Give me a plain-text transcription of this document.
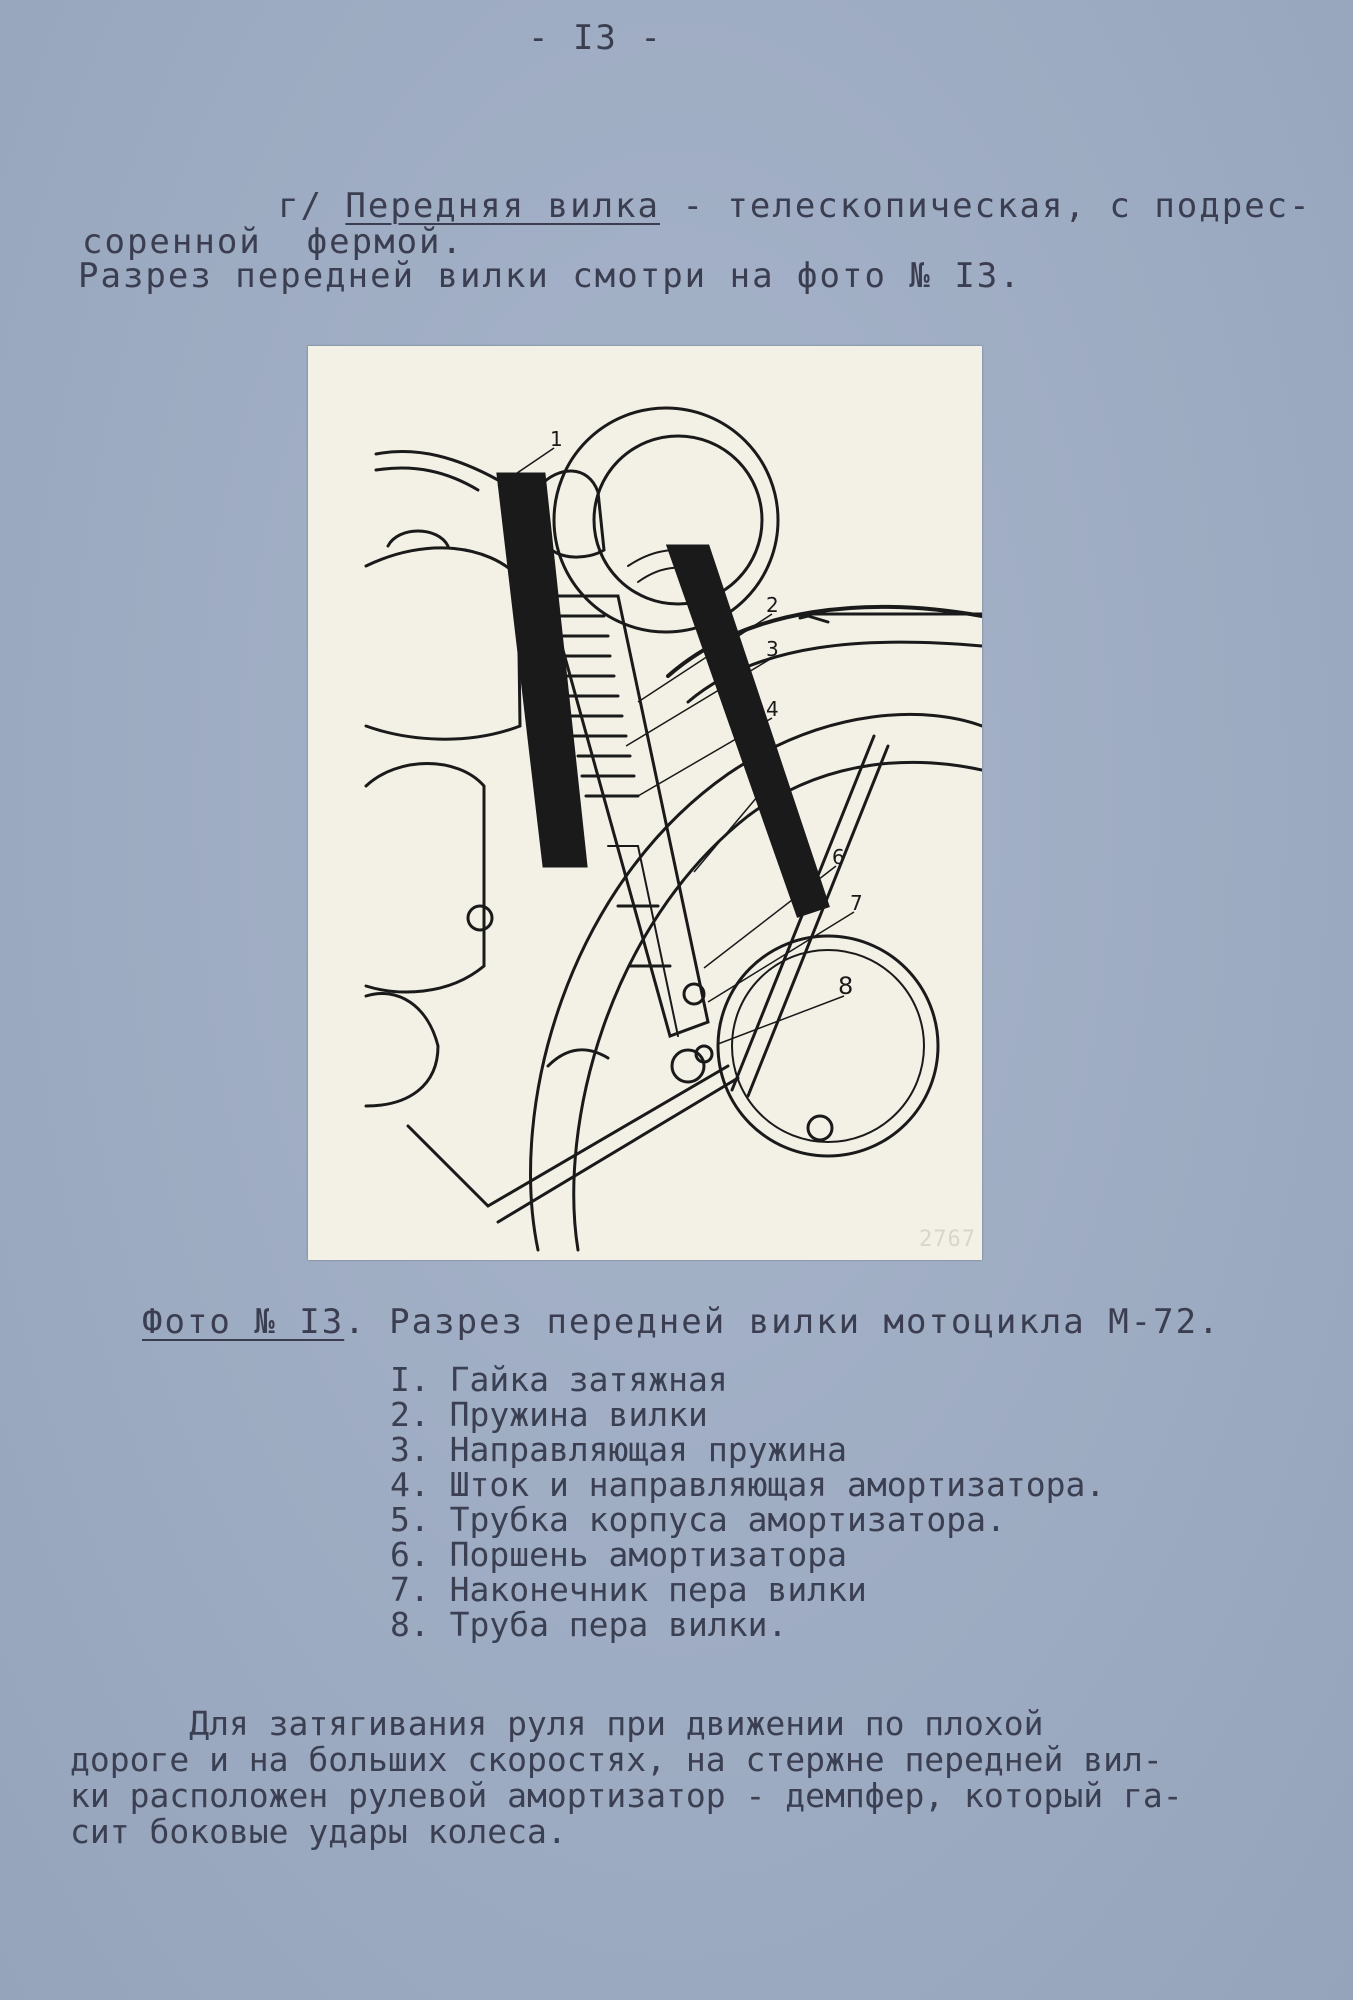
- I3 -
г/ Передняя вилка - телескопическая, с подрес-
соренной  фермой.
Разрез передней вилки смотри на фото № I3.
1
2
3
4
5
6
7
8
2767
Фото № I3. Разрез передней вилки мотоцикла М-72.
I. Гайка затяжная
2. Пружина вилки
3. Направляющая пружина
4. Шток и направляющая амортизатора.
5. Трубка корпуса амортизатора.
6. Поршень амортизатора
7. Наконечник пера вилки
8. Труба пера вилки.
Для затягивания руля при движении по плохой
дороге и на больших скоростях, на стержне передней вил-
ки расположен рулевой амортизатор - демпфер, который га-
сит боковые удары колеса.
